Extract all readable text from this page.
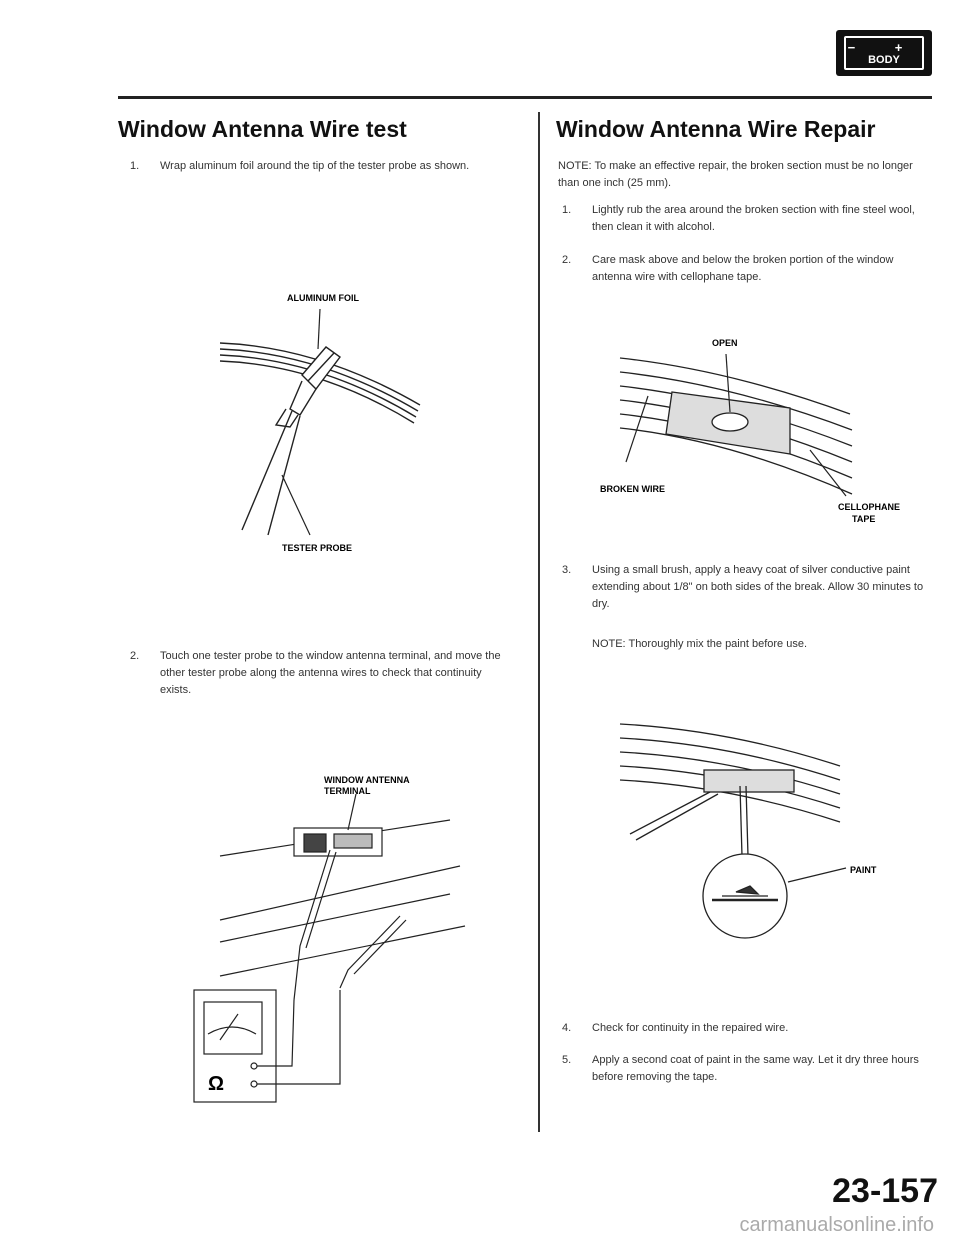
− +
BODY
Window Antenna Wire test
1. Wrap aluminum foil around the tip of the tester probe as shown.
ALUMINUM FOIL
TESTER PROBE
2. Touch one tester probe to the window antenna terminal, and move the other tester probe along the antenna wires to check that continuity exists.
WINDOW ANTENNA
TERMINAL
Ω
Window Antenna Wire Repair
NOTE: To make an effective repair, the broken section must be no longer than one inch (25 mm).
1. Lightly rub the area around the broken section with fine steel wool, then clean it with alcohol.
2. Care mask above and below the broken portion of the window antenna wire with cellophane tape.
OPEN
BROKEN WIRE
CELLOPHANE
TAPE
3. Using a small brush, apply a heavy coat of silver conductive paint extending about 1/8" on both sides of the break. Allow 30 minutes to dry.
NOTE: Thoroughly mix the paint before use.
PAINT
4. Check for continuity in the repaired wire.
5. Apply a second coat of paint in the same way. Let it dry three hours before removing the tape.
23-157
carmanualsonline.info
